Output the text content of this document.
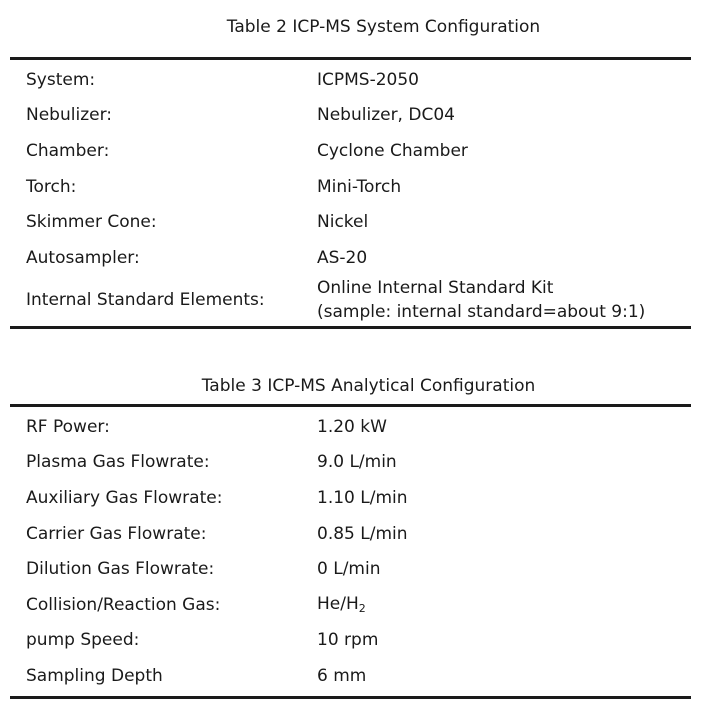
Table 2 ICP-MS System Configuration
System:	ICPMS-2050
Nebulizer:	Nebulizer, DC04
Chamber:	Cyclone Chamber
Torch:	Mini-Torch
Skimmer Cone:	Nickel
Autosampler:	AS-20
Internal Standard Elements:
Online Internal Standard Kit
(sample: internal standard=about 9:1)
Table 3 ICP-MS Analytical Configuration
RF Power:	1.20 kW
Plasma Gas Flowrate:	9.0 L/min
Auxiliary Gas Flowrate:	1.10 L/min
Carrier Gas Flowrate:	0.85 L/min
Dilution Gas Flowrate:	0 L/min
Collision/Reaction Gas:	$He/H_2$
pump Speed:	10 rpm
Sampling Depth	6 mm
